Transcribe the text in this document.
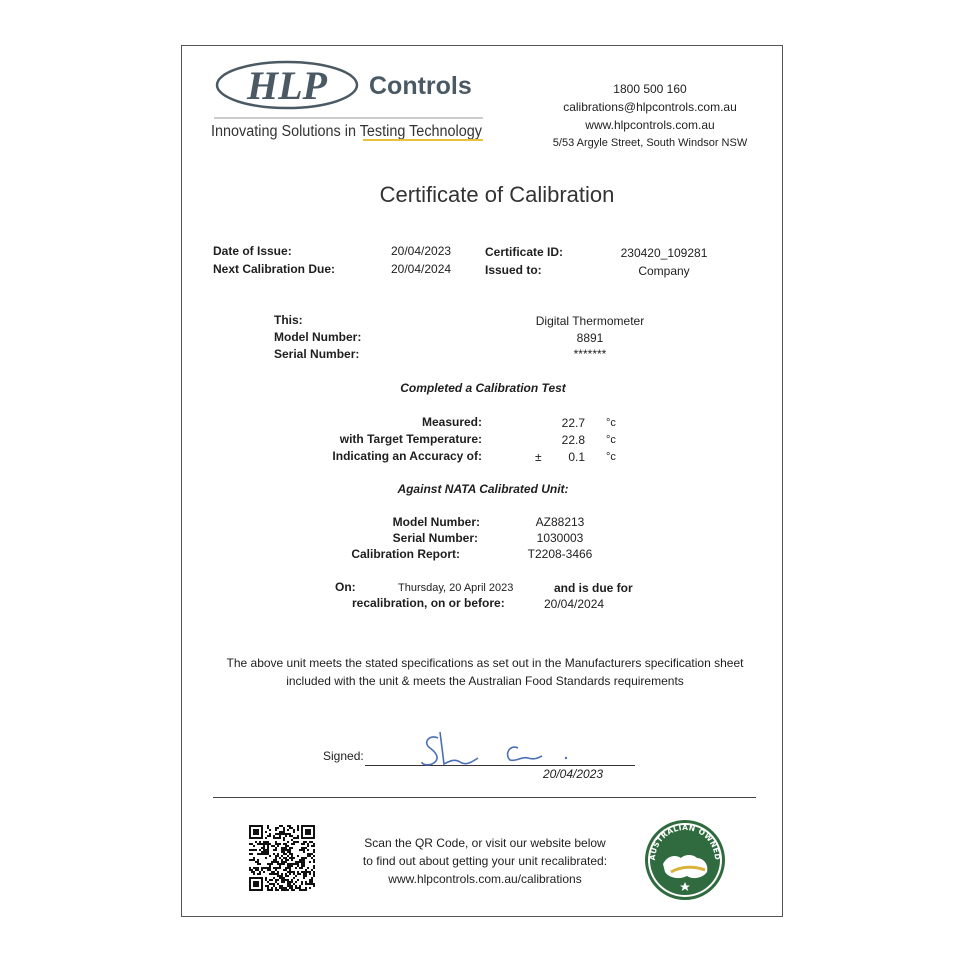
HLP Controls
Innovating Solutions in Testing Technology
1800 500 160
calibrations@hlpcontrols.com.au
www.hlpcontrols.com.au
5/53 Argyle Street, South Windsor NSW
Certificate of Calibration
Date of Issue:	20/04/2023
Next Calibration Due:	20/04/2024
Certificate ID:	230420_109281
Issued to:	Company
This:	Digital Thermometer
Model Number:	8891
Serial Number:	*******
Completed a Calibration Test
Measured:	22.7 °c
with Target Temperature:	22.8 °c
Indicating an Accuracy of:	±	0.1 °c
Against NATA Calibrated Unit:
Model Number:	AZ88213
Serial Number:	1030003
Calibration Report:	T2208-3466
On:	Thursday, 20 April 2023	and is due for
recalibration, on or before:	20/04/2024
The above unit meets the stated specifications as set out in the Manufacturers specification sheet
included with the unit & meets the Australian Food Standards requirements
Signed:
20/04/2023
Scan the QR Code, or visit our website below
to find out about getting your unit recalibrated:
www.hlpcontrols.com.au/calibrations
AUSTRALIAN OWNED
